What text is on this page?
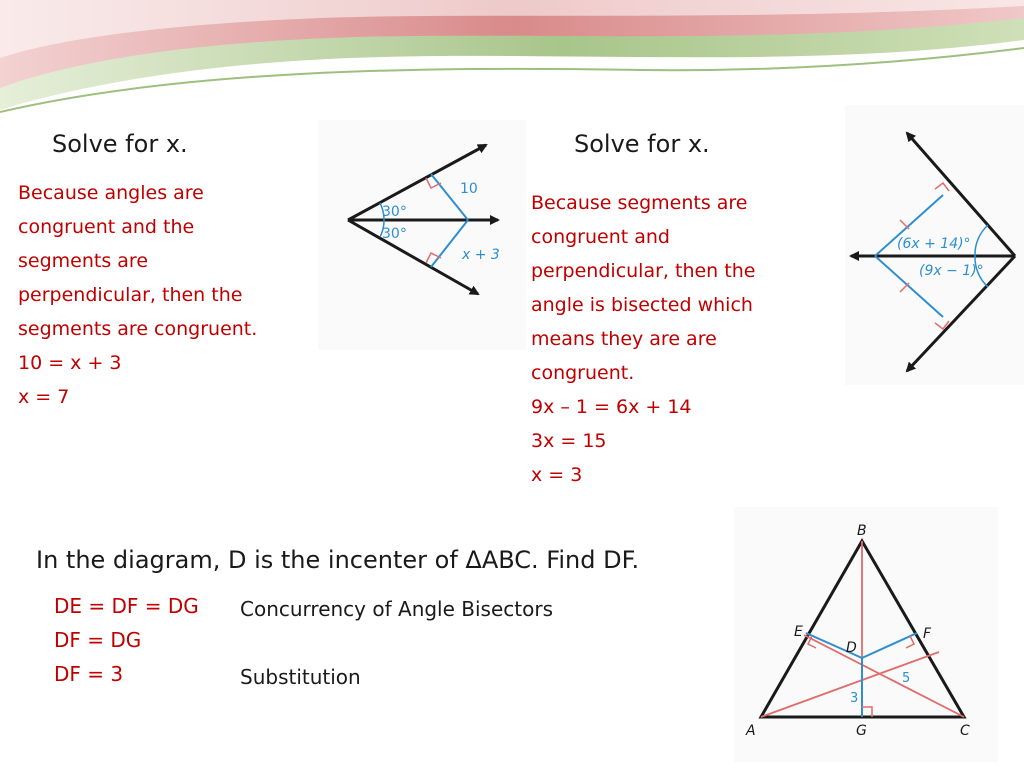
Solve for x.
Because angles are
congruent and the
segments are
perpendicular, then the
segments are congruent.
10 = x + 3
x = 7
30°
30°
10
x + 3
Solve for x.
Because segments are
congruent and
perpendicular, then the
angle is bisected which
means they are are
congruent.
9x – 1 = 6x + 14
3x = 15
x = 3
(6x + 14)°
(9x − 1)°
In the diagram, D is the incenter of ΔABC. Find DF.
DE = DF = DG
DF = DG
DF = 3
Concurrency of Angle Bisectors
Substitution
B
A	C
G
E	F
D
3
5
